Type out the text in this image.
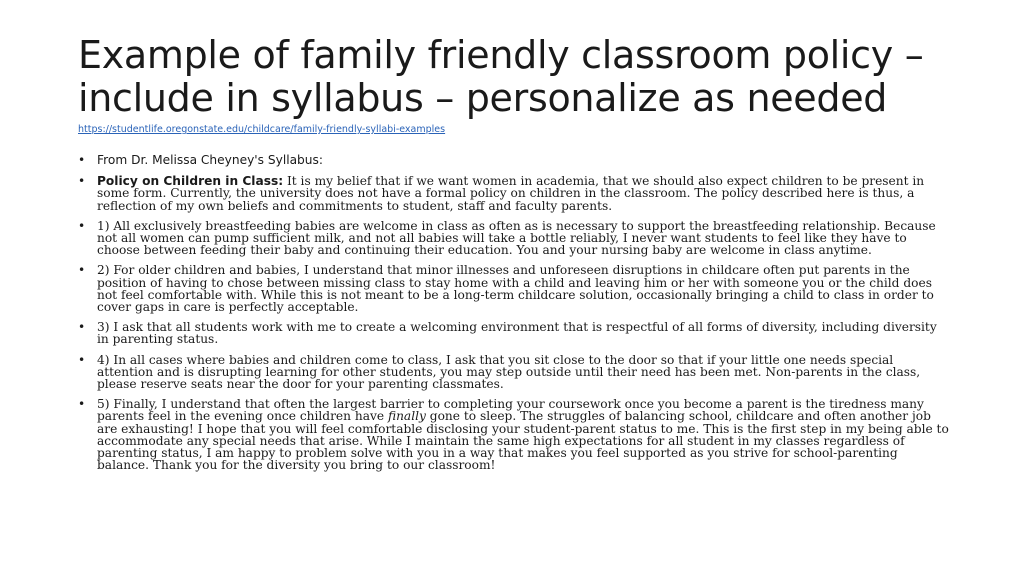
Example of family friendly classroom policy –
include in syllabus – personalize as needed
https://studentlife.oregonstate.edu/childcare/family-friendly-syllabi-examples
• From Dr. Melissa Cheyney's Syllabus:
• Policy on Children in Class: It is my belief that if we want women in academia, that we should also expect children to be present in some form. Currently, the university does not have a formal policy on children in the classroom. The policy described here is thus, a reflection of my own beliefs and commitments to student, staff and faculty parents.
• 1) All exclusively breastfeeding babies are welcome in class as often as is necessary to support the breastfeeding relationship. Because not all women can pump sufficient milk, and not all babies will take a bottle reliably, I never want students to feel like they have to choose between feeding their baby and continuing their education. You and your nursing baby are welcome in class anytime.
• 2) For older children and babies, I understand that minor illnesses and unforeseen disruptions in childcare often put parents in the position of having to chose between missing class to stay home with a child and leaving him or her with someone you or the child does not feel comfortable with. While this is not meant to be a long-term childcare solution, occasionally bringing a child to class in order to cover gaps in care is perfectly acceptable.
• 3) I ask that all students work with me to create a welcoming environment that is respectful of all forms of diversity, including diversity in parenting status.
• 4) In all cases where babies and children come to class, I ask that you sit close to the door so that if your little one needs special attention and is disrupting learning for other students, you may step outside until their need has been met. Non-parents in the class, please reserve seats near the door for your parenting classmates.
• 5) Finally, I understand that often the largest barrier to completing your coursework once you become a parent is the tiredness many parents feel in the evening once children have finally gone to sleep. The struggles of balancing school, childcare and often another job are exhausting! I hope that you will feel comfortable disclosing your student-parent status to me. This is the first step in my being able to accommodate any special needs that arise. While I maintain the same high expectations for all student in my classes regardless of parenting status, I am happy to problem solve with you in a way that makes you feel supported as you strive for school-parenting balance. Thank you for the diversity you bring to our classroom!
